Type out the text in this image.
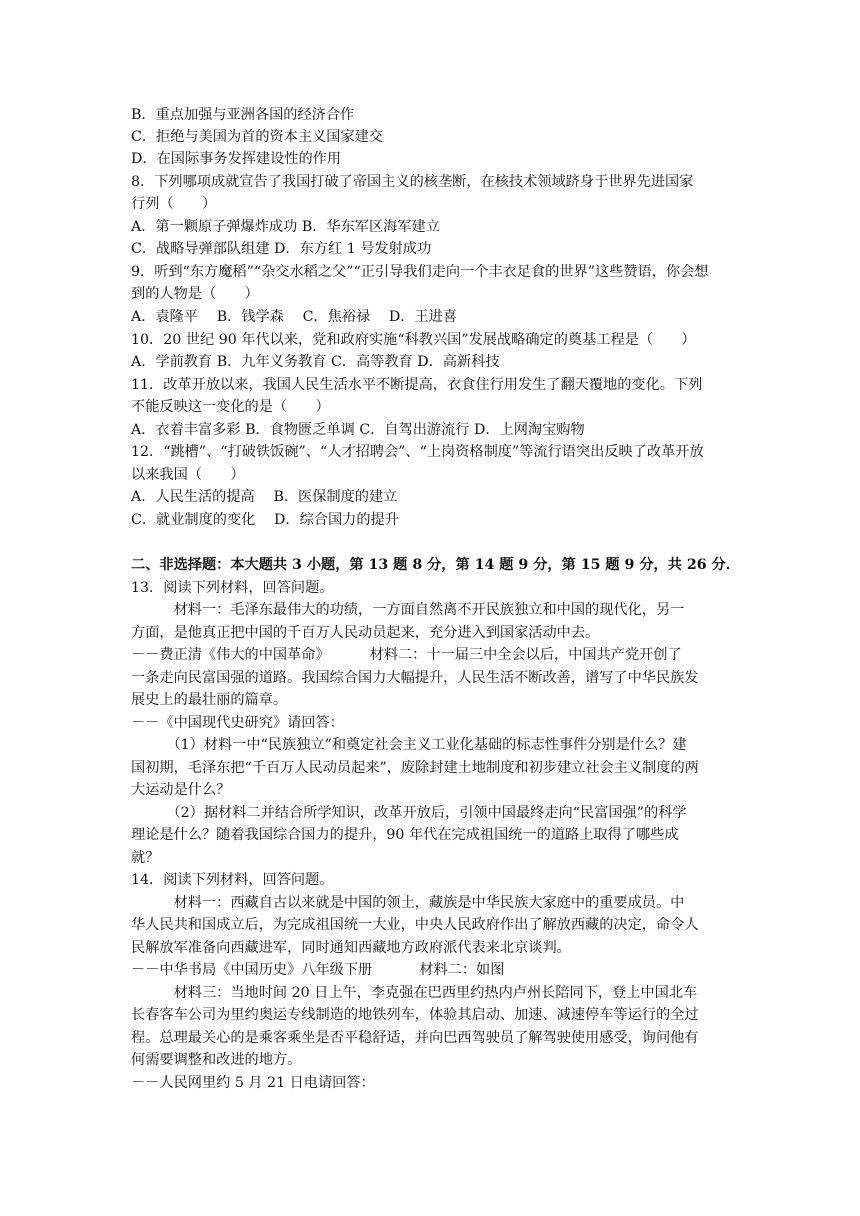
B．重点加强与亚洲各国的经济合作
C．拒绝与美国为首的资本主义国家建交
D．在国际事务发挥建设性的作用
8．下列哪项成就宣告了我国打破了帝国主义的核垄断，在核技术领域跻身于世界先进国家
行列（　　）
A．第一颗原子弹爆炸成功 B．华东军区海军建立
C．战略导弹部队组建 D．东方红 1 号发射成功
9．听到“东方魔稻”“杂交水稻之父”“正引导我们走向一个丰衣足食的世界”这些赞语，你会想
到的人物是（　　）
A．袁隆平　 B．钱学森　 C．焦裕禄　 D．王进喜
10．20 世纪 90 年代以来，党和政府实施“科教兴国”发展战略确定的奠基工程是（　　）
A．学前教育 B．九年义务教育 C．高等教育 D．高新科技
11．改革开放以来，我国人民生活水平不断提高，衣食住行用发生了翻天覆地的变化。下列
不能反映这一变化的是（　　）
A．衣着丰富多彩 B．食物匮乏单调 C．自驾出游流行 D．上网淘宝购物
12．“跳槽”、“打破铁饭碗”、“人才招聘会”、“上岗资格制度”等流行语突出反映了改革开放
以来我国（　　）
A．人民生活的提高　 B．医保制度的建立
C．就业制度的变化　 D．综合国力的提升
二、非选择题：本大题共 3 小题，第 13 题 8 分，第 14 题 9 分，第 15 题 9 分，共 26 分．
13．阅读下列材料，回答问题。
　　　材料一：毛泽东最伟大的功绩，一方面自然离不开民族独立和中国的现代化，另一
方面，是他真正把中国的千百万人民动员起来，充分进入到国家活动中去。
－－费正清《伟大的中国革命》　　　 材料二：十一届三中全会以后，中国共产党开创了
一条走向民富国强的道路。我国综合国力大幅提升，人民生活不断改善，谱写了中华民族发
展史上的最壮丽的篇章。
－－《中国现代史研究》请回答：
　　　（1）材料一中“民族独立”和奠定社会主义工业化基础的标志性事件分别是什么？建
国初期，毛泽东把“千百万人民动员起来”，废除封建土地制度和初步建立社会主义制度的两
大运动是什么？
　　　（2）据材料二并结合所学知识，改革开放后，引领中国最终走向“民富国强”的科学
理论是什么？随着我国综合国力的提升，90 年代在完成祖国统一的道路上取得了哪些成
就？
14．阅读下列材料，回答问题。
　　　材料一：西藏自古以来就是中国的领土，藏族是中华民族大家庭中的重要成员。中
华人民共和国成立后，为完成祖国统一大业，中央人民政府作出了解放西藏的决定，命令人
民解放军准备向西藏进军，同时通知西藏地方政府派代表来北京谈判。
－－中华书局《中国历史》八年级下册　　　 材料二：如图
　　　材料三：当地时间 20 日上午，李克强在巴西里约热内卢州长陪同下，登上中国北车
长春客车公司为里约奥运专线制造的地铁列车，体验其启动、加速、减速停车等运行的全过
程。总理最关心的是乘客乘坐是否平稳舒适，并向巴西驾驶员了解驾驶使用感受，询问他有
何需要调整和改进的地方。
－－人民网里约 5 月 21 日电请回答：
